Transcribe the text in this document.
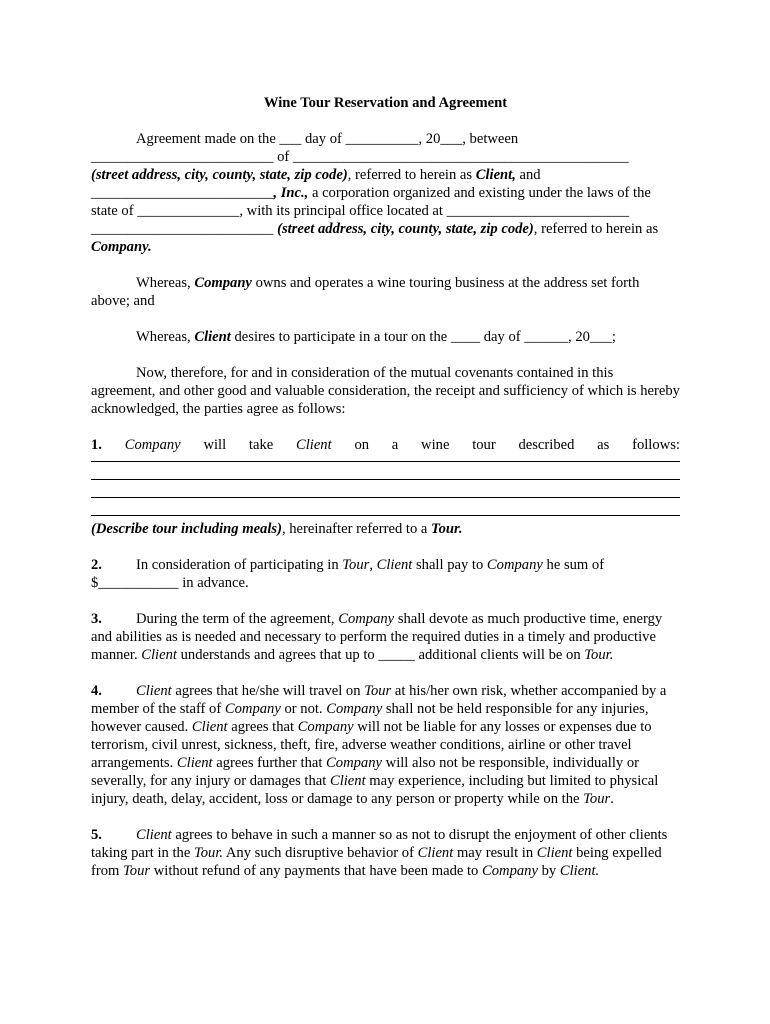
Wine Tour Reservation and Agreement

Agreement made on the ___ day of __________, 20___, between
_________________________ of ______________________________________________
(street address, city, county, state, zip code), referred to herein as Client, and
_________________________, Inc., a corporation organized and existing under the laws of the
state of ______________, with its principal office located at _________________________
_________________________ (street address, city, county, state, zip code), referred to herein as
Company.

Whereas, Company owns and operates a wine touring business at the address set forth above; and

Whereas, Client desires to participate in a tour on the ____ day of ______, 20___;

Now, therefore, for and in consideration of the mutual covenants contained in this agreement, and other good and valuable consideration, the receipt and sufficiency of which is hereby acknowledged, the parties agree as follows:

1. Company will take Client on a wine tour described as follows:

(Describe tour including meals), hereinafter referred to a Tour.

2. In consideration of participating in Tour, Client shall pay to Company he sum of $___________ in advance.

3. During the term of the agreement, Company shall devote as much productive time, energy and abilities as is needed and necessary to perform the required duties in a timely and productive manner. Client understands and agrees that up to _____ additional clients will be on Tour.

4. Client agrees that he/she will travel on Tour at his/her own risk, whether accompanied by a member of the staff of Company or not. Company shall not be held responsible for any injuries, however caused. Client agrees that Company will not be liable for any losses or expenses due to terrorism, civil unrest, sickness, theft, fire, adverse weather conditions, airline or other travel arrangements. Client agrees further that Company will also not be responsible, individually or severally, for any injury or damages that Client may experience, including but limited to physical injury, death, delay, accident, loss or damage to any person or property while on the Tour.

5. Client agrees to behave in such a manner so as not to disrupt the enjoyment of other clients taking part in the Tour. Any such disruptive behavior of Client may result in Client being expelled from Tour without refund of any payments that have been made to Company by Client.
